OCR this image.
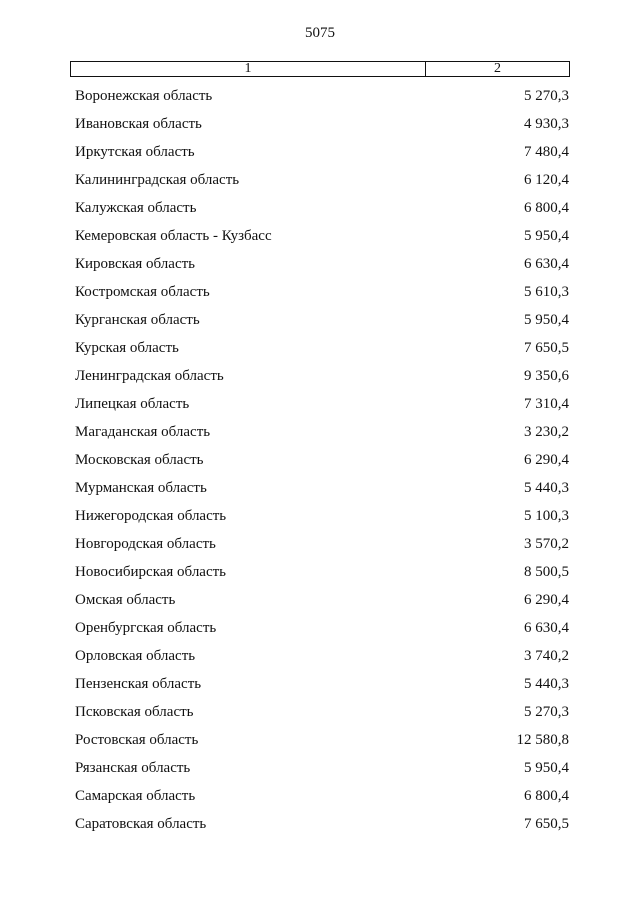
5075
1	2
Воронежская область	5 270,3
Ивановская область	4 930,3
Иркутская область	7 480,4
Калининградская область	6 120,4
Калужская область	6 800,4
Кемеровская область - Кузбасс	5 950,4
Кировская область	6 630,4
Костромская область	5 610,3
Курганская область	5 950,4
Курская область	7 650,5
Ленинградская область	9 350,6
Липецкая область	7 310,4
Магаданская область	3 230,2
Московская область	6 290,4
Мурманская область	5 440,3
Нижегородская область	5 100,3
Новгородская область	3 570,2
Новосибирская область	8 500,5
Омская область	6 290,4
Оренбургская область	6 630,4
Орловская область	3 740,2
Пензенская область	5 440,3
Псковская область	5 270,3
Ростовская область	12 580,8
Рязанская область	5 950,4
Самарская область	6 800,4
Саратовская область	7 650,5
